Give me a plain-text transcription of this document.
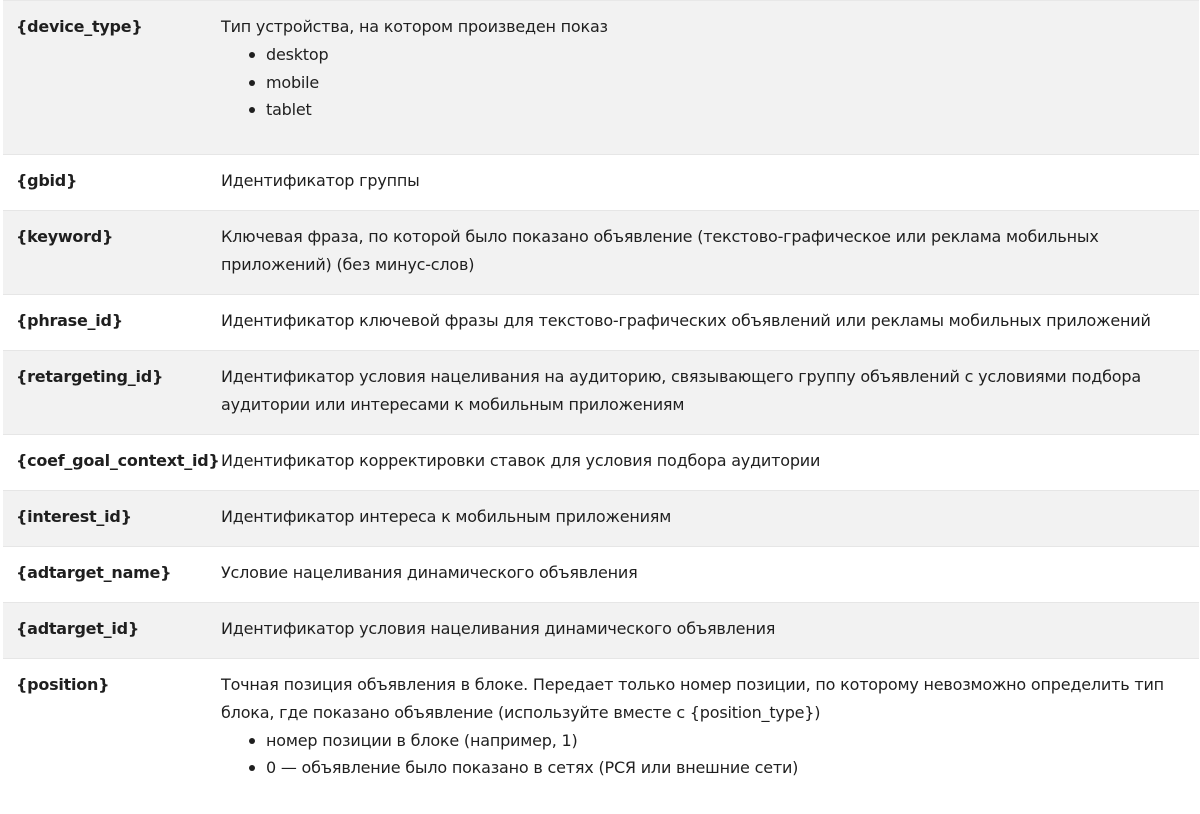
{device_type}	Тип устройства, на котором произведен показ
desktop
mobile
tablet
{gbid}	Идентификатор группы
{keyword}	Ключевая фраза, по которой было показано объявление (текстово-графическое или реклама мобильных приложений) (без минус-слов)
{phrase_id}	Идентификатор ключевой фразы для текстово-графических объявлений или рекламы мобильных приложений
{retargeting_id}	Идентификатор условия нацеливания на аудиторию, связывающего группу объявлений с условиями подбора аудитории или интересами к мобильным приложениям
{coef_goal_context_id} Идентификатор корректировки ставок для условия подбора аудитории
{interest_id}	Идентификатор интереса к мобильным приложениям
{adtarget_name}	Условие нацеливания динамического объявления
{adtarget_id}	Идентификатор условия нацеливания динамического объявления
{position}	Точная позиция объявления в блоке. Передает только номер позиции, по которому невозможно определить тип блока, где показано объявление (используйте вместе с {position_type})
номер позиции в блоке (например, 1)
0 — объявление было показано в сетях (РСЯ или внешние сети)
